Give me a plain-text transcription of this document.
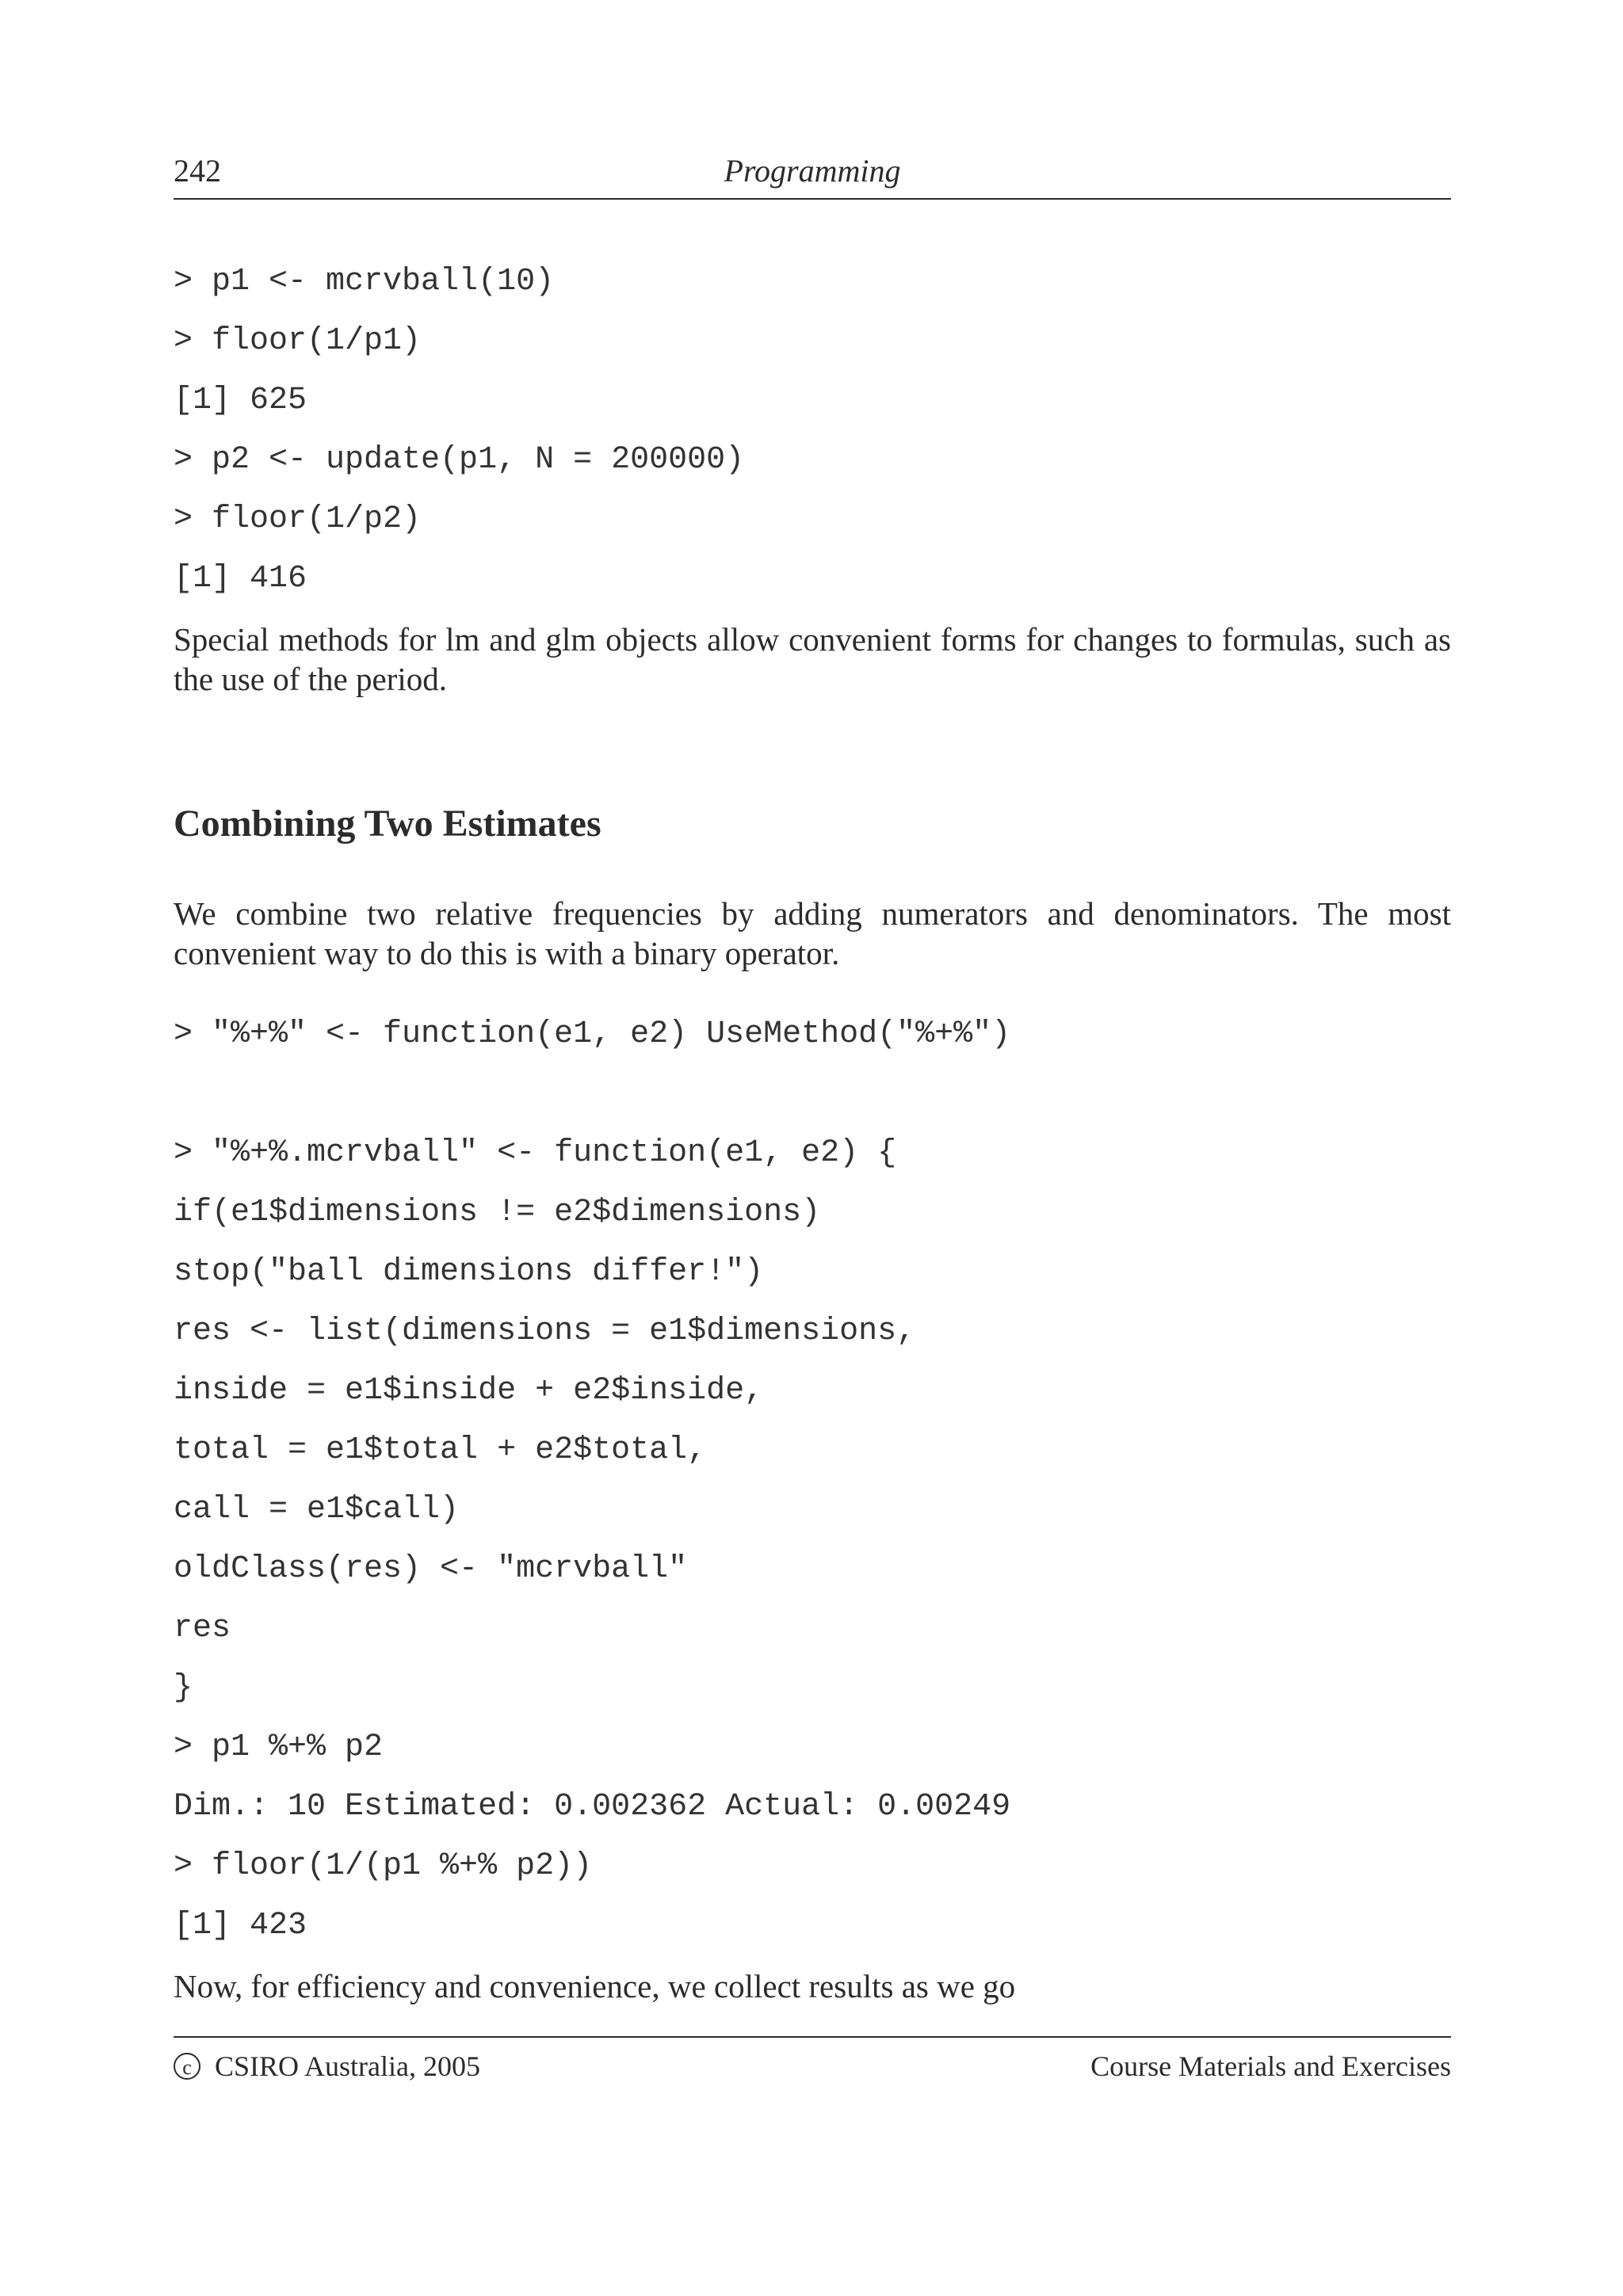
242	Programming
> p1 <- mcrvball(10)
> floor(1/p1)
[1] 625
> p2 <- update(p1, N = 200000)
> floor(1/p2)
[1] 416
Special methods for lm and glm objects allow convenient forms for changes to formulas, such as the use of the period.
Combining Two Estimates
We combine two relative frequencies by adding numerators and denominators. The most convenient way to do this is with a binary operator.
> "%+%" <- function(e1, e2) UseMethod("%+%")
> "%+%.mcrvball" <- function(e1, e2) {
if(e1$dimensions != e2$dimensions)
stop("ball dimensions differ!")
res <- list(dimensions = e1$dimensions,
inside = e1$inside + e2$inside,
total = e1$total + e2$total,
call = e1$call)
oldClass(res) <- "mcrvball"
res
}
> p1 %+% p2
Dim.: 10 Estimated: 0.002362 Actual: 0.00249
> floor(1/(p1 %+% p2))
[1] 423
Now, for efficiency and convenience, we collect results as we go
c CSIRO Australia, 2005	Course Materials and Exercises
